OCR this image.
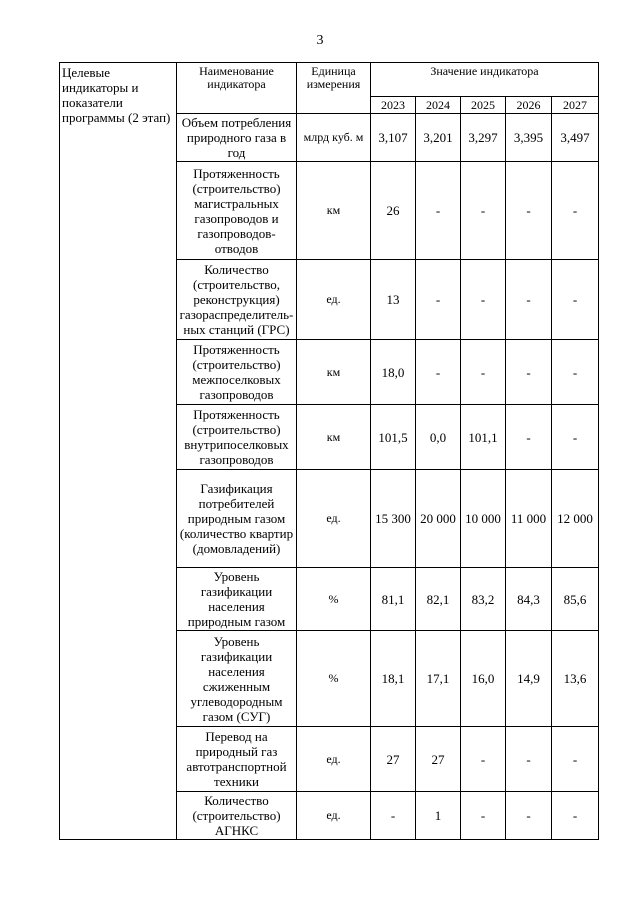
3
Целевые индикаторы и показатели программы (2 этап)	Наименование индикатора	Единица измерения	Значение индикатора				
			2023	2024	2025	2026	2027
	Объем потребления природного газа в год	млрд куб. м	3,107	3,201	3,297	3,395	3,497
	Протяженность (строительство) магистральных газопроводов и газопроводов-отводов	км	26	-	-	-	-
	Количество (строительство, реконструкция) газораспределитель-ных станций (ГРС)	ед.	13	-	-	-	-
	Протяженность (строительство) межпоселковых газопроводов	км	18,0	-	-	-	-
	Протяженность (строительство) внутрипоселковых газопроводов	км	101,5	0,0	101,1	-	-
	Газификация потребителей природным газом (количество квартир (домовладений)	ед.	15 300	20 000	10 000	11 000	12 000
	Уровень газификации населения природным газом	%	81,1	82,1	83,2	84,3	85,6
	Уровень газификации населения сжиженным углеводородным газом (СУГ)	%	18,1	17,1	16,0	14,9	13,6
	Перевод на природный газ автотранспортной техники	ед.	27	27	-	-	-
	Количество (строительство) АГНКС	ед.	-	1	-	-	-
